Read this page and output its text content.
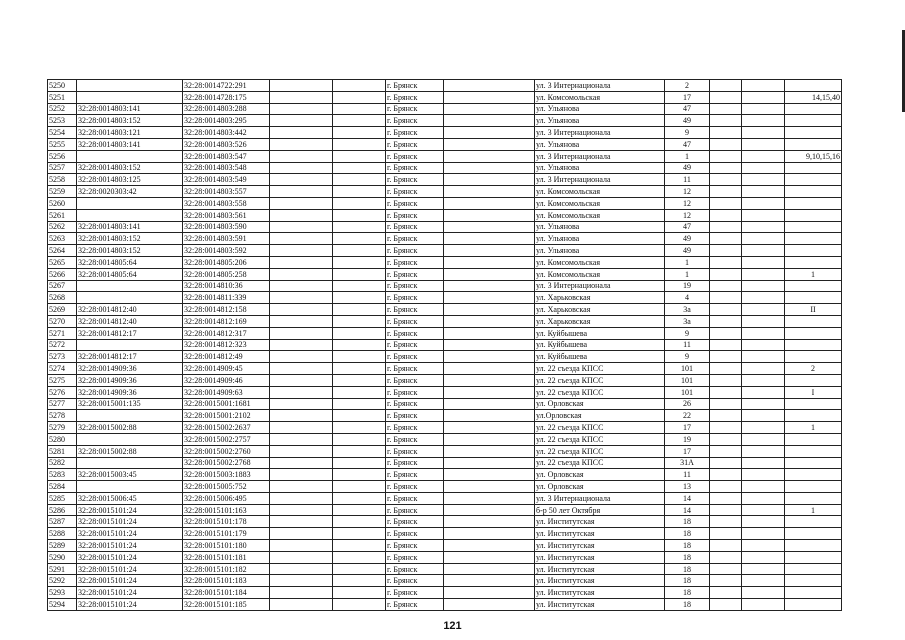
5250		32:28:0014722:291			г. Брянск		ул. 3 Интернационала	2			
5251		32:28:0014728:175			г. Брянск		ул. Комсомольская	17			14,15,40
5252	32:28:0014803:141	32:28:0014803:288			г. Брянск		ул. Ульянова	47			
5253	32:28:0014803:152	32:28:0014803:295			г. Брянск		ул. Ульянова	49			
5254	32:28:0014803:121	32:28:0014803:442			г. Брянск		ул. 3 Интернационала	9			
5255	32:28:0014803:141	32:28:0014803:526			г. Брянск		ул. Ульянова	47			
5256		32:28:0014803:547			г. Брянск		ул. 3 Интернационала	1			9,10,15,16
5257	32:28:0014803:152	32:28:0014803:548			г. Брянск		ул. Ульянова	49			
5258	32:28:0014803:125	32:28:0014803:549			г. Брянск		ул. 3 Интернационала	11			
5259	32:28:0020303:42	32:28:0014803:557			г. Брянск		ул. Комсомольская	12			
5260		32:28:0014803:558			г. Брянск		ул. Комсомольская	12			
5261		32:28:0014803:561			г. Брянск		ул. Комсомольская	12			
5262	32:28:0014803:141	32:28:0014803:590			г. Брянск		ул. Ульянова	47			
5263	32:28:0014803:152	32:28:0014803:591			г. Брянск		ул. Ульянова	49			
5264	32:28:0014803:152	32:28:0014803:592			г. Брянск		ул. Ульянова	49			
5265	32:28:0014805:64	32:28:0014805:206			г. Брянск		ул. Комсомольская	1			
5266	32:28:0014805:64	32:28:0014805:258			г. Брянск		ул. Комсомольская	1			1
5267		32:28:0014810:36			г. Брянск		ул. 3 Интернационала	19			
5268		32:28:0014811:339			г. Брянск		ул. Харьковская	4			
5269	32:28:0014812:40	32:28:0014812:158			г. Брянск		ул. Харьковская	3а			II
5270	32:28:0014812:40	32:28:0014812:169			г. Брянск		ул. Харьковская	3а			
5271	32:28:0014812:17	32:28:0014812:317			г. Брянск		ул. Куйбышева	9			
5272		32:28:0014812:323			г. Брянск		ул. Куйбышева	11			
5273	32:28:0014812:17	32:28:0014812:49			г. Брянск		ул. Куйбышева	9			
5274	32:28:0014909:36	32:28:0014909:45			г. Брянск		ул. 22 съезда КПСС	101			2
5275	32:28:0014909:36	32:28:0014909:46			г. Брянск		ул. 22 съезда КПСС	101			
5276	32:28:0014909:36	32:28:0014909:63			г. Брянск		ул. 22 съезда КПСС	101			I
5277	32:28:0015001:135	32:28:0015001:1681			г. Брянск		ул. Орловская	26			
5278		32:28:0015001:2102			г. Брянск		ул.Орловская	22			
5279	32:28:0015002:88	32:28:0015002:2637			г. Брянск		ул. 22 съезда КПСС	17			1
5280		32:28:0015002:2757			г. Брянск		ул. 22 съезда КПСС	19			
5281	32:28:0015002:88	32:28:0015002:2760			г. Брянск		ул. 22 съезда КПСС	17			
5282		32:28:0015002:2768			г. Брянск		ул. 22 съезда КПСС	31А			
5283	32:28:0015003:45	32:28:0015003:1883			г. Брянск		ул. Орловская	11			
5284		32:28:0015005:752			г. Брянск		ул. Орловская	13			
5285	32:28:0015006:45	32:28:0015006:495			г. Брянск		ул. 3 Интернационала	14			
5286	32:28:0015101:24	32:28:0015101:163			г. Брянск		б-р 50 лет Октября	14			1
5287	32:28:0015101:24	32:28:0015101:178			г. Брянск		ул. Институтская	18			
5288	32:28:0015101:24	32:28:0015101:179			г. Брянск		ул. Институтская	18			
5289	32:28:0015101:24	32:28:0015101:180			г. Брянск		ул. Институтская	18			
5290	32:28:0015101:24	32:28:0015101:181			г. Брянск		ул. Институтская	18			
5291	32:28:0015101:24	32:28:0015101:182			г. Брянск		ул. Институтская	18			
5292	32:28:0015101:24	32:28:0015101:183			г. Брянск		ул. Институтская	18			
5293	32:28:0015101:24	32:28:0015101:184			г. Брянск		ул. Институтская	18			
5294	32:28:0015101:24	32:28:0015101:185			г. Брянск		ул. Институтская	18			
121
